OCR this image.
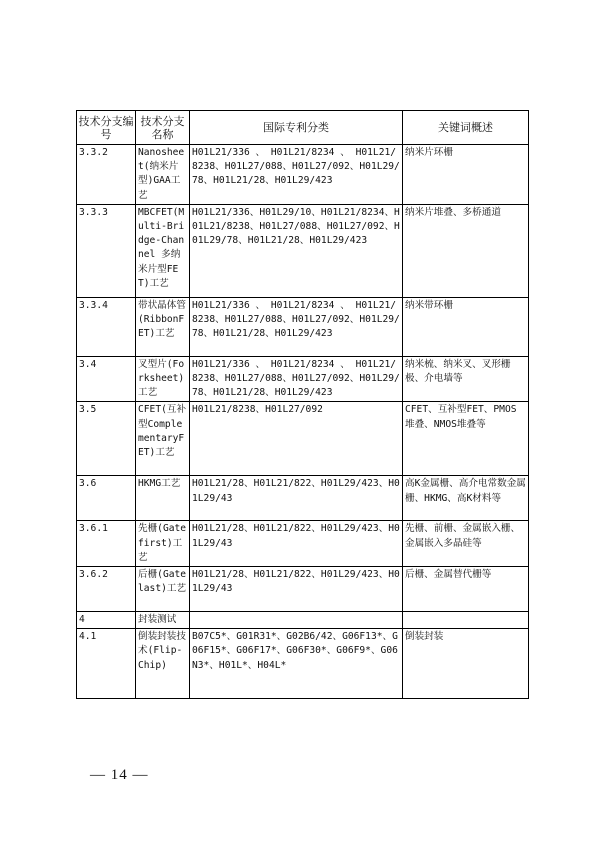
技术分支编号	技术分支名称	国际专利分类	关键词概述
3.3.2	Nanosheet(纳米片型)GAA工艺	H01L21/336 、 H01L21/8234 、 H01L21/8238、H01L27/088、H01L27/092、H01L29/78、H01L21/28、H01L29/423	纳米片环栅
3.3.3	MBCFET(Multi-Bridge-Channel 多纳米片型FET)工艺	H01L21/336、H01L29/10、H01L21/8234、H01L21/8238、H01L27/088、H01L27/092、H01L29/78、H01L21/28、H01L29/423	纳米片堆叠、多桥通道
3.3.4	带状晶体管(RibbonFET)工艺	H01L21/336 、 H01L21/8234 、 H01L21/8238、H01L27/088、H01L27/092、H01L29/78、H01L21/28、H01L29/423	纳米带环栅
3.4	叉型片(Forksheet)工艺	H01L21/336 、 H01L21/8234 、 H01L21/8238、H01L27/088、H01L27/092、H01L29/78、H01L21/28、H01L29/423	纳米梳、纳米叉、叉形栅极、介电墙等
3.5	CFET(互补型ComplementaryFET)工艺	H01L21/8238、H01L27/092	CFET、互补型FET、PMOS堆叠、NMOS堆叠等
3.6	HKMG工艺	H01L21/28、H01L21/822、H01L29/423、H01L29/43	高K金属栅、高介电常数金属栅、HKMG、高K材料等
3.6.1	先栅(Gatefirst)工艺	H01L21/28、H01L21/822、H01L29/423、H01L29/43	先栅、前栅、金属嵌入栅、金属嵌入多晶硅等
3.6.2	后栅(Gatelast)工艺	H01L21/28、H01L21/822、H01L29/423、H01L29/43	后栅、金属替代栅等
4	封装测试		
4.1	倒装封装技术(Flip-Chip)	B07C5*、G01R31*、G02B6/42、G06F13*、G06F15*、G06F17*、G06F30*、G06F9*、G06N3*、H01L*、H04L*	倒装封装
— 14 —
